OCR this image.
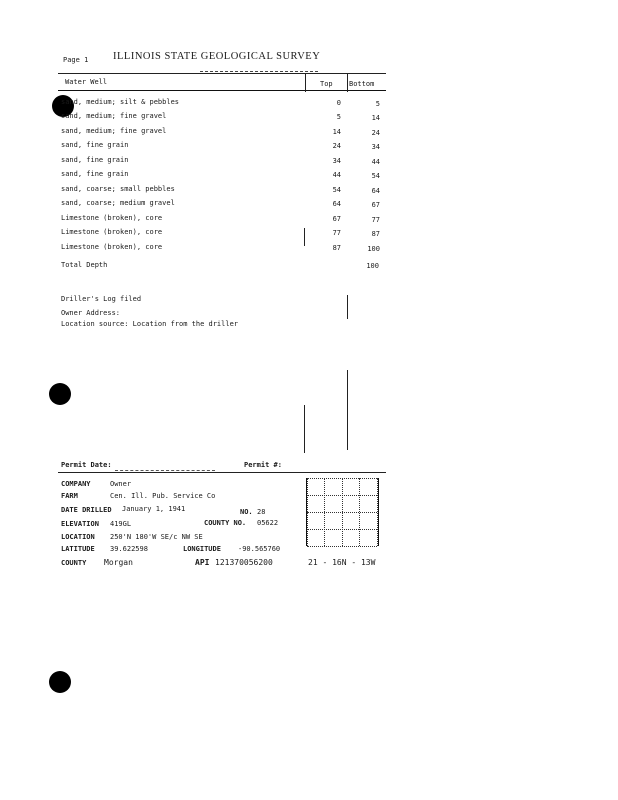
Page 1 ILLINOIS STATE GEOLOGICAL SURVEY
Water Well	Top Bottom
sand, medium; silt & pebbles	0	5
sand, medium; fine gravel	5	14
sand, medium; fine gravel	14	24
sand, fine grain	24	34
sand, fine grain	34	44
sand, fine grain	44	54
sand, coarse; small pebbles	54	64
sand, coarse; medium gravel	64	67
Limestone (broken), core	67	77
Limestone (broken), core	77	87
Limestone (broken), core	87	100
Total Depth	100
Driller's Log filed
Owner Address:
Location source: Location from the driller
Permit Date:	Permit #:
COMPANY	Owner
FARM	Cen. Ill. Pub. Service Co
DATE DRILLED January 1, 1941	NO. 28
ELEVATION 419GL	COUNTY NO. 05622
LOCATION 250'N 180'W SE/c NW SE
LATITUDE 39.622598	LONGITUDE -90.565760
COUNTY Morgan	API 121370056200	21 - 16N - 13W
